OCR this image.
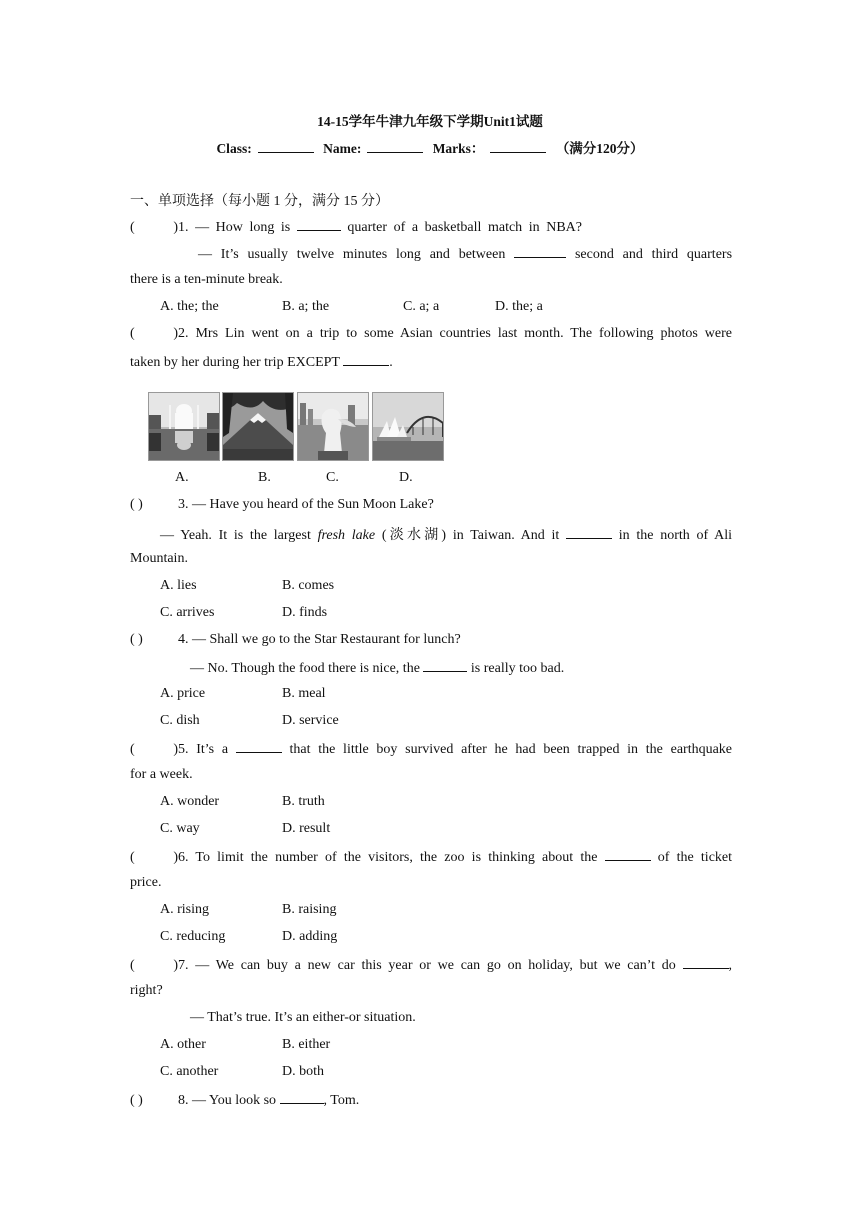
14-15学年牛津九年级下学期Unit1试题
Class:	Name:	Marks：	（满分120分）
一、单项选择（每小题 1 分，满分 15 分）
( )1. — How long is	quarter of a basketball match in NBA?
— It’s usually twelve minutes long and between	second and third quarters
there is a ten-minute break.
A. the; the	B. a; the	C. a; a	D. the; a
( )2. Mrs Lin went on a trip to some Asian countries last month. The following photos were
taken by her during her trip EXCEPT	.
A.	B.	C.	D.
( )	3. — Have you heard of the Sun Moon Lake?
— Yeah. It is the largest fresh lake (淡水湖) in Taiwan. And it	in the north of Ali
Mountain.
A. lies	B. comes
C. arrives	D. finds
( )	4. — Shall we go to the Star Restaurant for lunch?
— No. Though the food there is nice, the	is really too bad.
A. price	B. meal
C. dish	D. service
( )5. It’s a	that the little boy survived after he had been trapped in the earthquake
for a week.
A. wonder	B. truth
C. way	D. result
( )6. To limit the number of the visitors, the zoo is thinking about the	of the ticket
price.
A. rising	B. raising
C. reducing	D. adding
( )7. — We can buy a new car this year or we can go on holiday, but we can’t do	,
right?
— That’s true. It’s an either-or situation.
A. other	B. either
C. another	D. both
( )	8. — You look so	, Tom.
